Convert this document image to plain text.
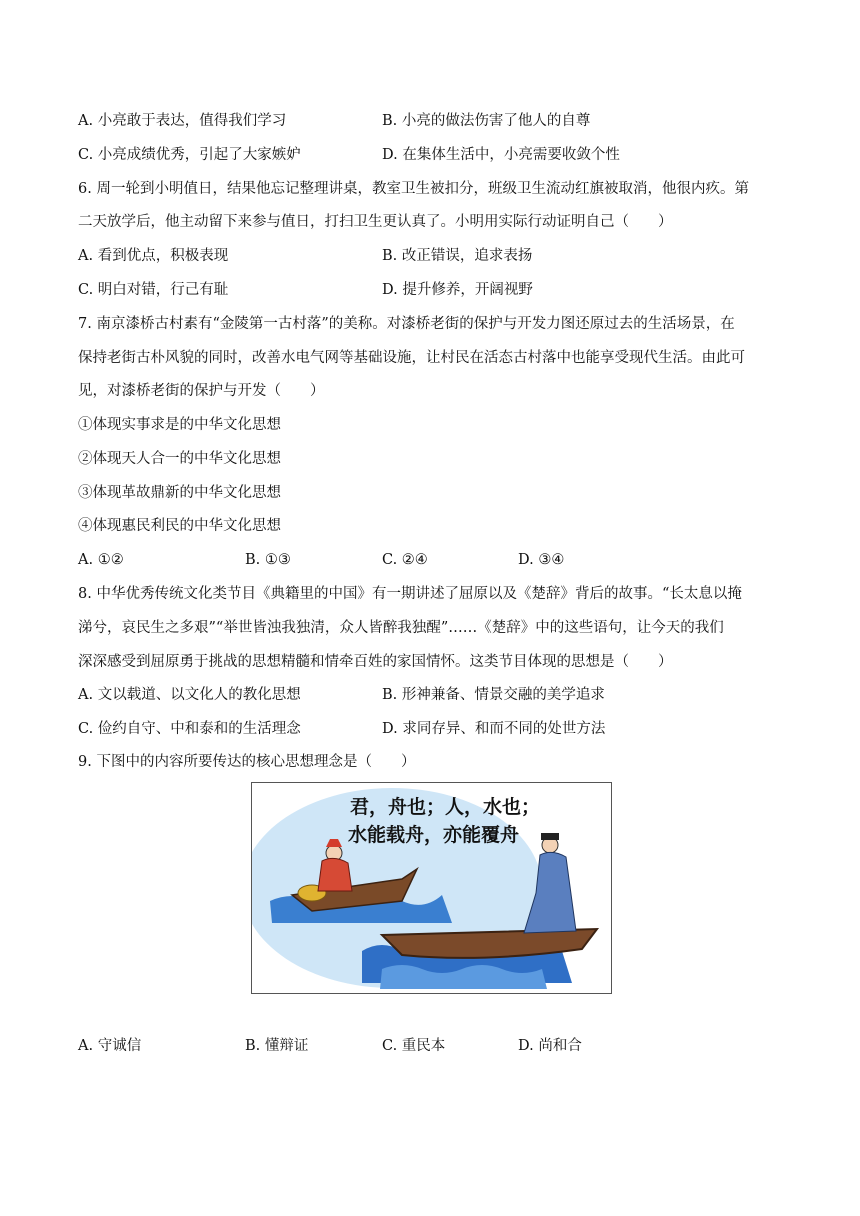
A. 小亮敢于表达，值得我们学习	B. 小亮的做法伤害了他人的自尊
C. 小亮成绩优秀，引起了大家嫉妒	D. 在集体生活中，小亮需要收敛个性
6. 周一轮到小明值日，结果他忘记整理讲桌，教室卫生被扣分，班级卫生流动红旗被取消，他很内疚。第
二天放学后，他主动留下来参与值日，打扫卫生更认真了。小明用实际行动证明自己（　　）
A. 看到优点，积极表现	B. 改正错误，追求表扬
C. 明白对错，行己有耻	D. 提升修养，开阔视野
7. 南京漆桥古村素有“金陵第一古村落”的美称。对漆桥老街的保护与开发力图还原过去的生活场景，在
保持老街古朴风貌的同时，改善水电气网等基础设施，让村民在活态古村落中也能享受现代生活。由此可
见，对漆桥老街的保护与开发（　　）
①体现实事求是的中华文化思想
②体现天人合一的中华文化思想
③体现革故鼎新的中华文化思想
④体现惠民利民的中华文化思想
A. ①②	B. ①③	C. ②④	D. ③④
8. 中华优秀传统文化类节目《典籍里的中国》有一期讲述了屈原以及《楚辞》背后的故事。“长太息以掩
涕兮，哀民生之多艰”“举世皆浊我独清，众人皆醉我独醒”……《楚辞》中的这些语句，让今天的我们
深深感受到屈原勇于挑战的思想精髓和情牵百姓的家国情怀。这类节目体现的思想是（　　）
A. 文以载道、以文化人的教化思想	B. 形神兼备、情景交融的美学追求
C. 俭约自守、中和泰和的生活理念	D. 求同存异、和而不同的处世方法
9. 下图中的内容所要传达的核心思想理念是（　　）
君，舟也；人，水也；
水能载舟，亦能覆舟
A. 守诚信	B. 懂辩证	C. 重民本	D. 尚和合
